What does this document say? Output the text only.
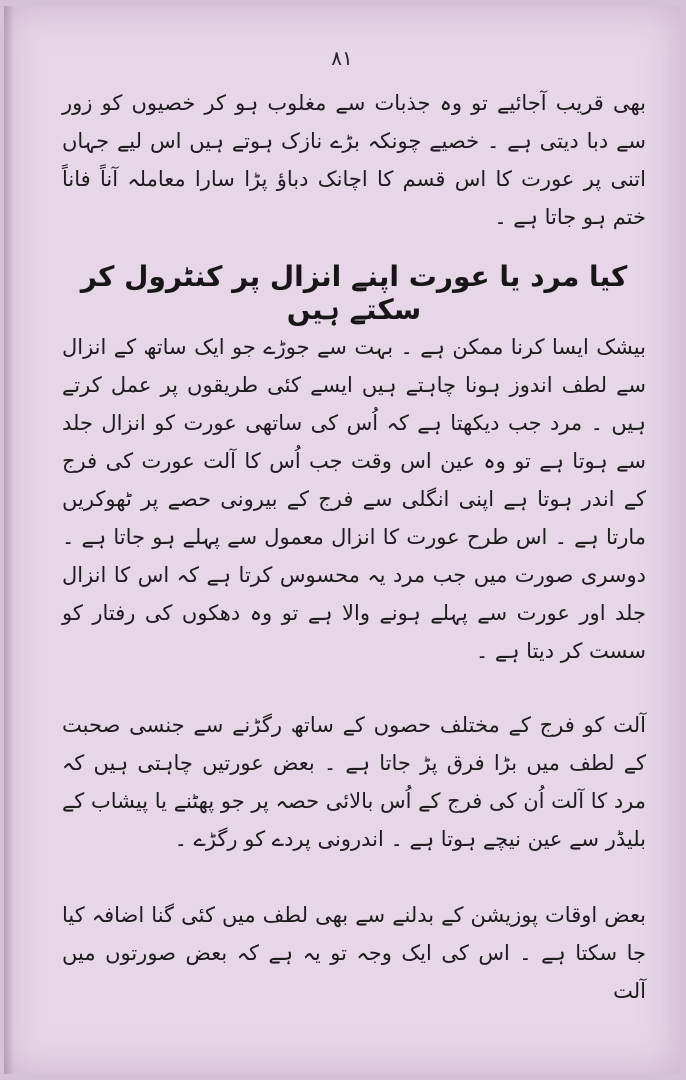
۸۱

بھی قریب آجائیے تو وہ جذبات سے مغلوب ہو کر خصیوں کو زور سے دبا دیتی ہے ۔ خصیے چونکہ بڑے نازک ہوتے ہیں اس لیے جہاں اتنی پر عورت کا اس قسم کا اچانک دباؤ پڑا سارا معاملہ آناً فاناً ختم ہو جاتا ہے ۔

کیا مرد یا عورت اپنے انزال پر کنٹرول کر سکتے ہیں

بیشک ایسا کرنا ممکن ہے ۔ بہت سے جوڑے جو ایک ساتھ کے انزال سے لطف اندوز ہونا چاہتے ہیں ایسے کئی طریقوں پر عمل کرتے ہیں ۔ مرد جب دیکھتا ہے کہ اُس کی ساتھی عورت کو انزال جلد سے ہوتا ہے تو وہ عین اس وقت جب اُس کا آلت عورت کی فرج کے اندر ہوتا ہے اپنی انگلی سے فرج کے بیرونی حصے پر ٹھوکریں مارتا ہے ۔ اس طرح عورت کا انزال معمول سے پہلے ہو جاتا ہے ۔ دوسری صورت میں جب مرد یہ محسوس کرتا ہے کہ اس کا انزال جلد اور عورت سے پہلے ہونے والا ہے تو وہ دھکوں کی رفتار کو سست کر دیتا ہے ۔

آلت کو فرج کے مختلف حصوں کے ساتھ رگڑنے سے جنسی صحبت کے لطف میں بڑا فرق پڑ جاتا ہے ۔ بعض عورتیں چاہتی ہیں کہ مرد کا آلت اُن کی فرج کے اُس بالائی حصہ پر جو پھٹنے یا پیشاب کے بلیڈر سے عین نیچے ہوتا ہے ۔ اندرونی پردے کو رگڑے ۔

بعض اوقات پوزیشن کے بدلنے سے بھی لطف میں کئی گنا اضافہ کیا جا سکتا ہے ۔ اس کی ایک وجہ تو یہ ہے کہ بعض صورتوں میں آلت
